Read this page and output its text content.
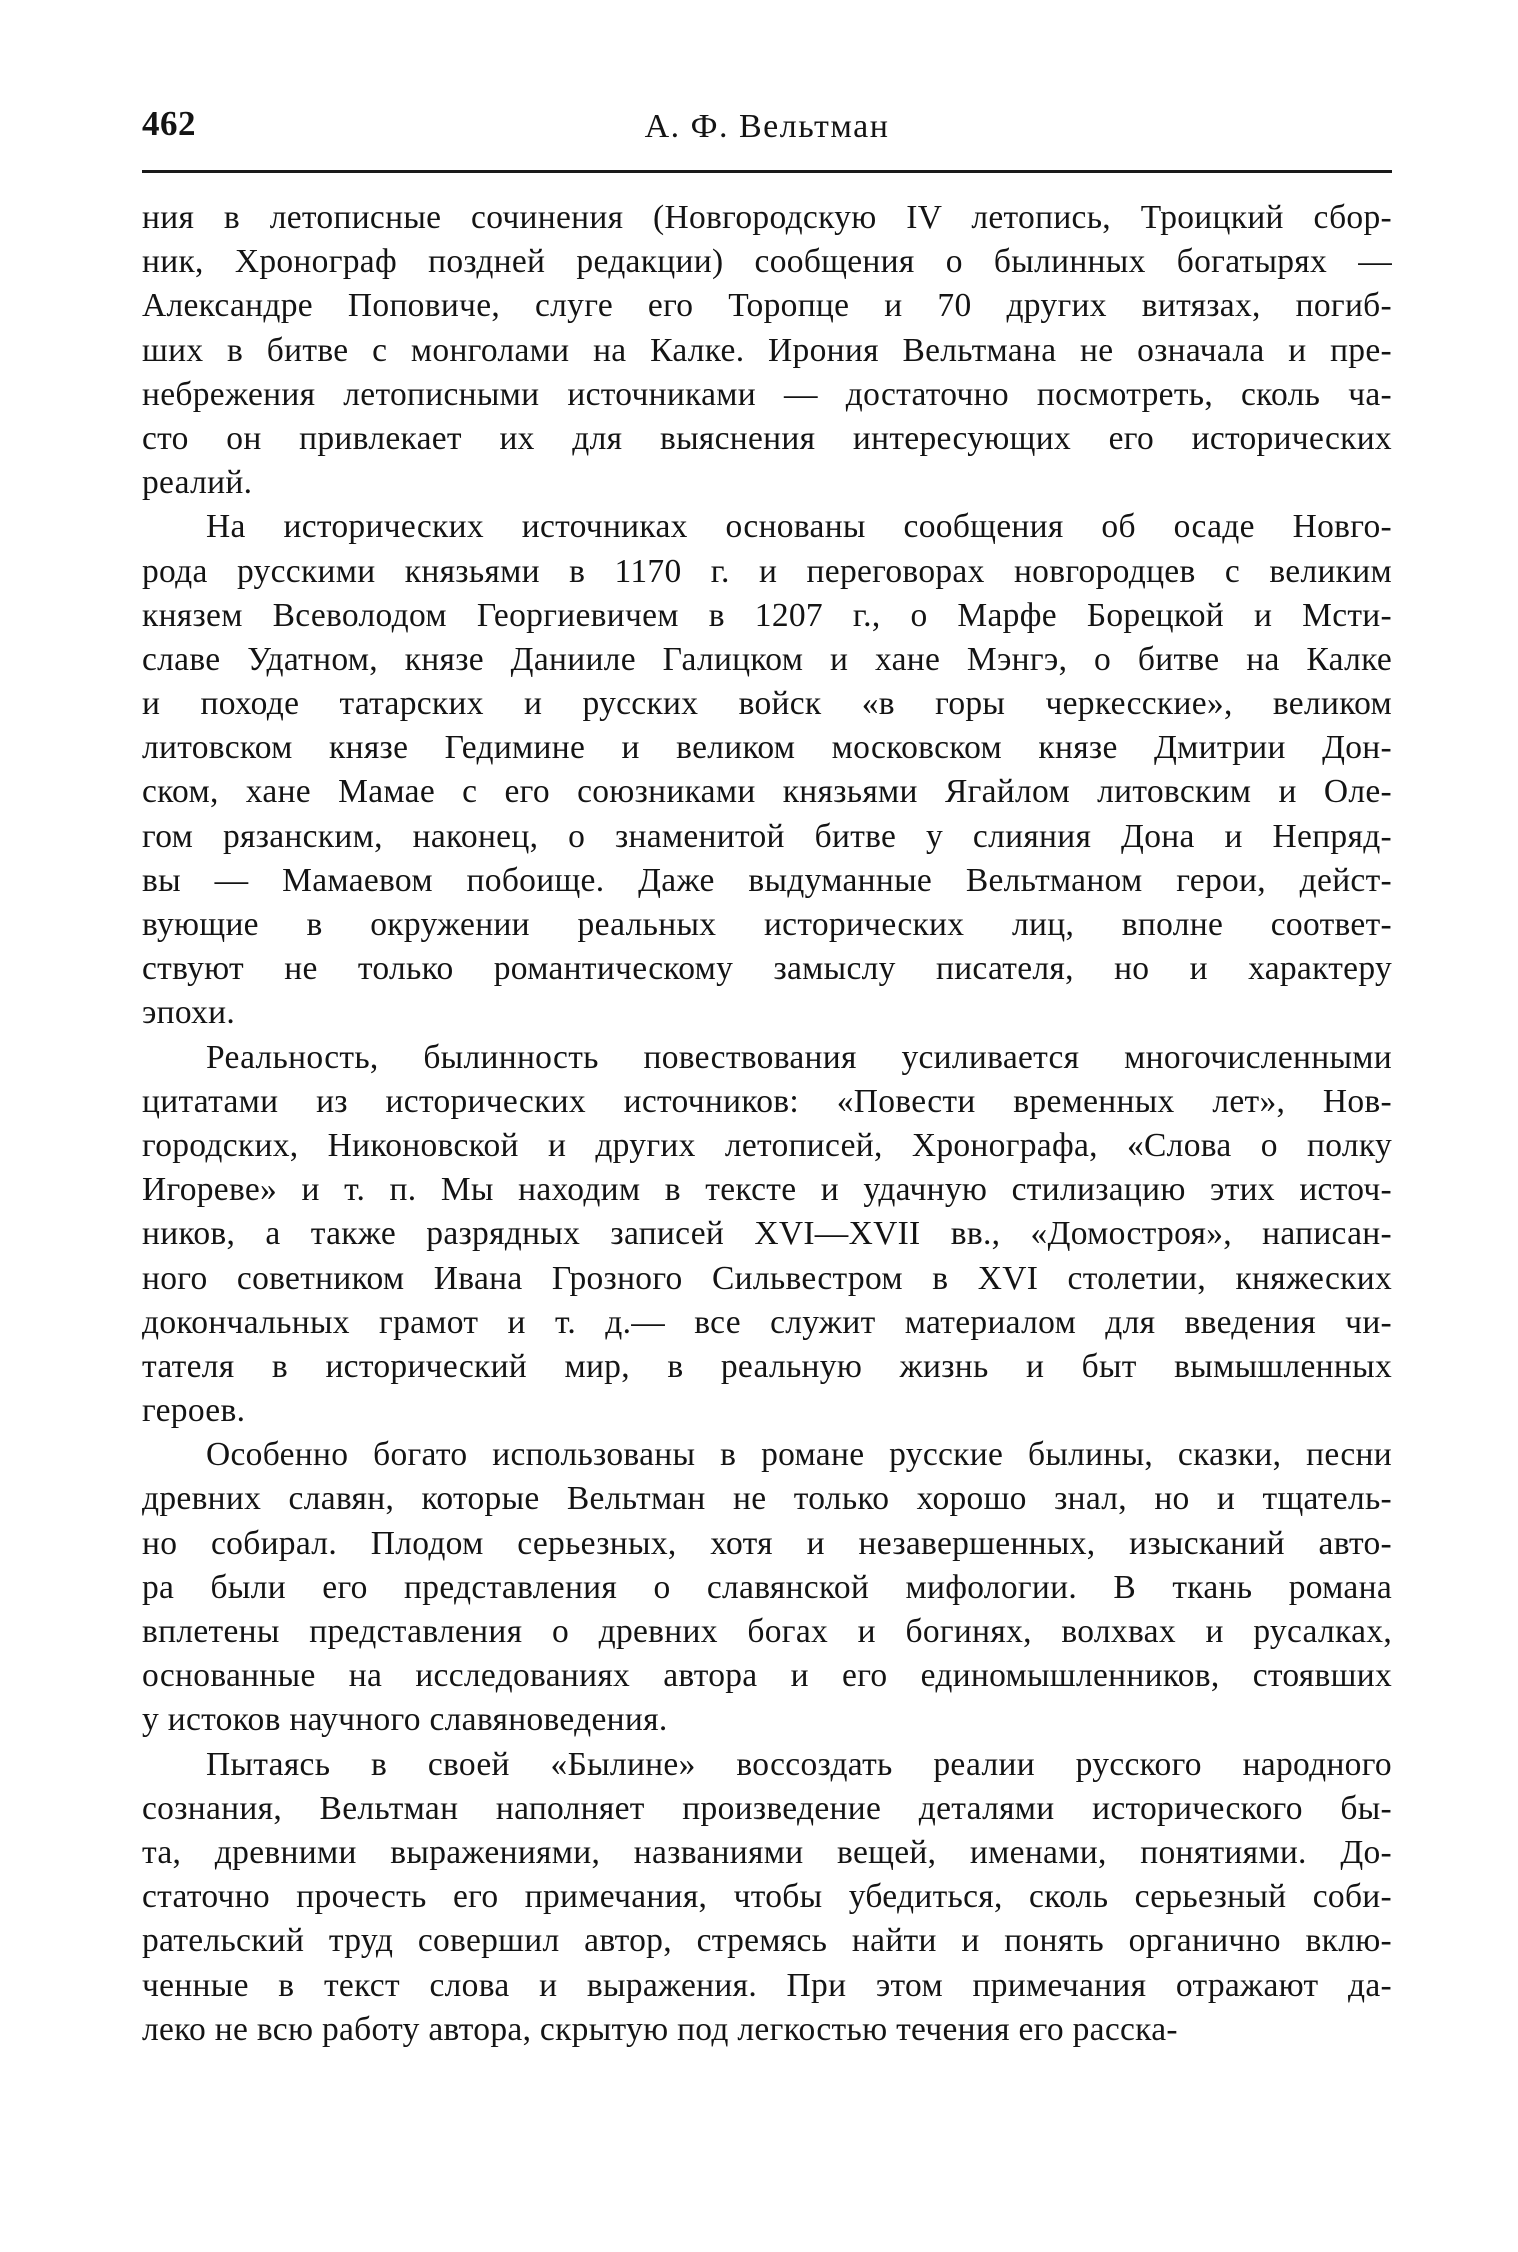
462	А. Ф. Вельтман
ния в летописные сочинения (Новгородскую IV летопись, Троицкий сбор-
ник, Хронограф поздней редакции) сообщения о былинных богатырях —
Александре Поповиче, слуге его Торопце и 70 других витязах, погиб-
ших в битве с монголами на Калке. Ирония Вельтмана не означала и пре-
небрежения летописными источниками — достаточно посмотреть, сколь ча-
сто он привлекает их для выяснения интересующих его исторических
реалий.
На исторических источниках основаны сообщения об осаде Новго-
рода русскими князьями в 1170 г. и переговорах новгородцев с великим
князем Всеволодом Георгиевичем в 1207 г., о Марфе Борецкой и Мсти-
славе Удатном, князе Данииле Галицком и хане Мэнгэ, о битве на Калке
и походе татарских и русских войск «в горы черкесские», великом
литовском князе Гедимине и великом московском князе Дмитрии Дон-
ском, хане Мамае с его союзниками князьями Ягайлом литовским и Оле-
гом рязанским, наконец, о знаменитой битве у слияния Дона и Непряд-
вы — Мамаевом побоище. Даже выдуманные Вельтманом герои, дейст-
вующие в окружении реальных исторических лиц, вполне соответ-
ствуют не только романтическому замыслу писателя, но и характеру
эпохи.
Реальность, былинность повествования усиливается многочисленными
цитатами из исторических источников: «Повести временных лет», Нов-
городских, Никоновской и других летописей, Хронографа, «Слова о полку
Игореве» и т. п. Мы находим в тексте и удачную стилизацию этих источ-
ников, а также разрядных записей XVI—XVII вв., «Домостроя», написан-
ного советником Ивана Грозного Сильвестром в XVI столетии, княжеских
докончальных грамот и т. д.— все служит материалом для введения чи-
тателя в исторический мир, в реальную жизнь и быт вымышленных
героев.
Особенно богато использованы в романе русские былины, сказки, песни
древних славян, которые Вельтман не только хорошо знал, но и тщатель-
но собирал. Плодом серьезных, хотя и незавершенных, изысканий авто-
ра были его представления о славянской мифологии. В ткань романа
вплетены представления о древних богах и богинях, волхвах и русалках,
основанные на исследованиях автора и его единомышленников, стоявших
у истоков научного славяноведения.
Пытаясь в своей «Былине» воссоздать реалии русского народного
сознания, Вельтман наполняет произведение деталями исторического бы-
та, древними выражениями, названиями вещей, именами, понятиями. До-
статочно прочесть его примечания, чтобы убедиться, сколь серьезный соби-
рательский труд совершил автор, стремясь найти и понять органично вклю-
ченные в текст слова и выражения. При этом примечания отражают да-
леко не всю работу автора, скрытую под легкостью течения его расска-
